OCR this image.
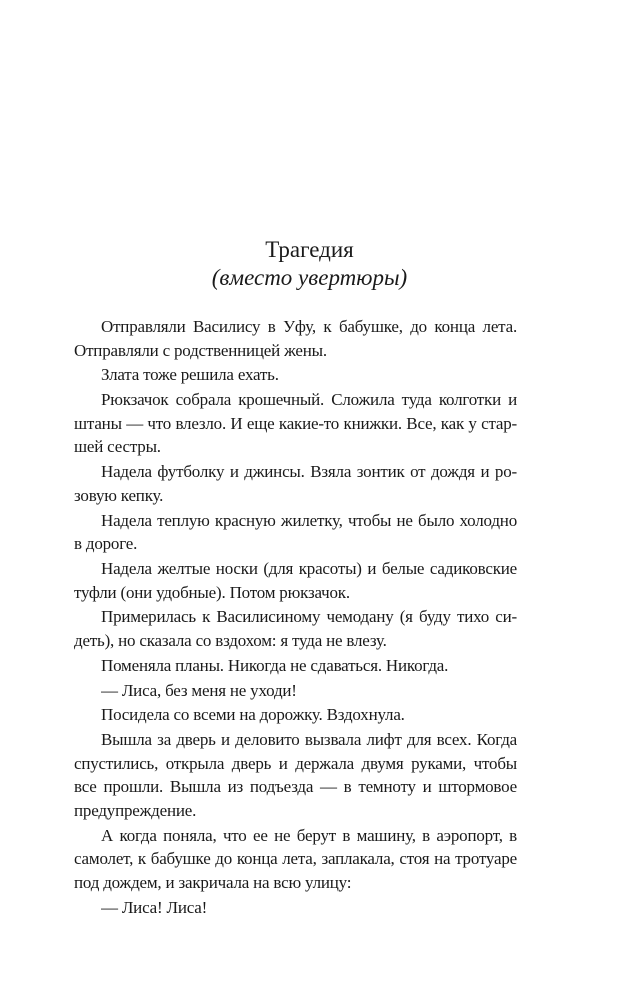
Трагедия
(вместо увертюры)
Отправляли Василису в Уфу, к бабушке, до конца лета.
Отправляли с родственницей жены.
Злата тоже решила ехать.
Рюкзачок собрала крошечный. Сложила туда колготки и
штаны — что влезло. И еще какие-то книжки. Все, как у стар-
шей сестры.
Надела футболку и джинсы. Взяла зонтик от дождя и ро-
зовую кепку.
Надела теплую красную жилетку, чтобы не было холодно
в дороге.
Надела желтые носки (для красоты) и белые садиковские
туфли (они удобные). Потом рюкзачок.
Примерилась к Василисиному чемодану (я буду тихо си-
деть), но сказала со вздохом: я туда не влезу.
Поменяла планы. Никогда не сдаваться. Никогда.
— Лиса, без меня не уходи!
Посидела со всеми на дорожку. Вздохнула.
Вышла за дверь и деловито вызвала лифт для всех. Когда
спустились, открыла дверь и держала двумя руками, чтобы
все прошли. Вышла из подъезда — в темноту и штормовое
предупреждение.
А когда поняла, что ее не берут в машину, в аэропорт, в
самолет, к бабушке до конца лета, заплакала, стоя на тротуаре
под дождем, и закричала на всю улицу:
— Лиса! Лиса!
